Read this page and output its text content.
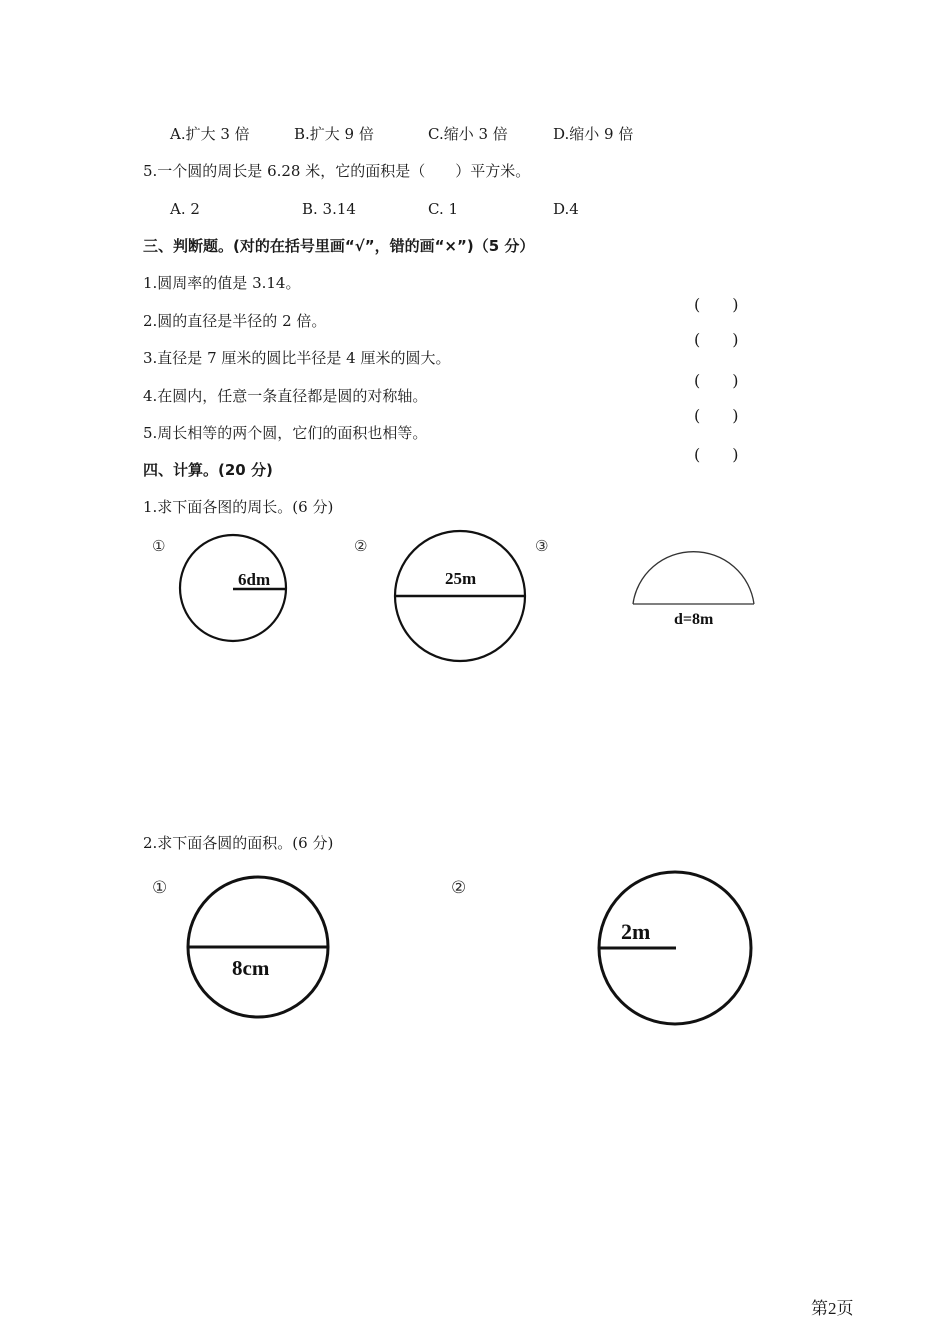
A.扩大 3 倍	B.扩大 9 倍	C.缩小 3 倍	D.缩小 9 倍
5.一个圆的周长是 6.28 米，它的面积是（　　）平方米。
A. 2	B. 3.14	C. 1	D.4
三、判断题。(对的在括号里画“√”，错的画“×”)（5 分）
1.圆周率的值是 3.14。
2.圆的直径是半径的 2 倍。
3.直径是 7 厘米的圆比半径是 4 厘米的圆大。
4.在圆内，任意一条直径都是圆的对称轴。
5.周长相等的两个圆，它们的面积也相等。
(　　)
(　　)
(　　)
(　　)
(　　)
四、计算。(20 分)
1.求下面各图的周长。(6 分)
①	②	③
6dm	25m
d=8m
2.求下面各圆的面积。(6 分)
①	②
8cm
2m
第2页
